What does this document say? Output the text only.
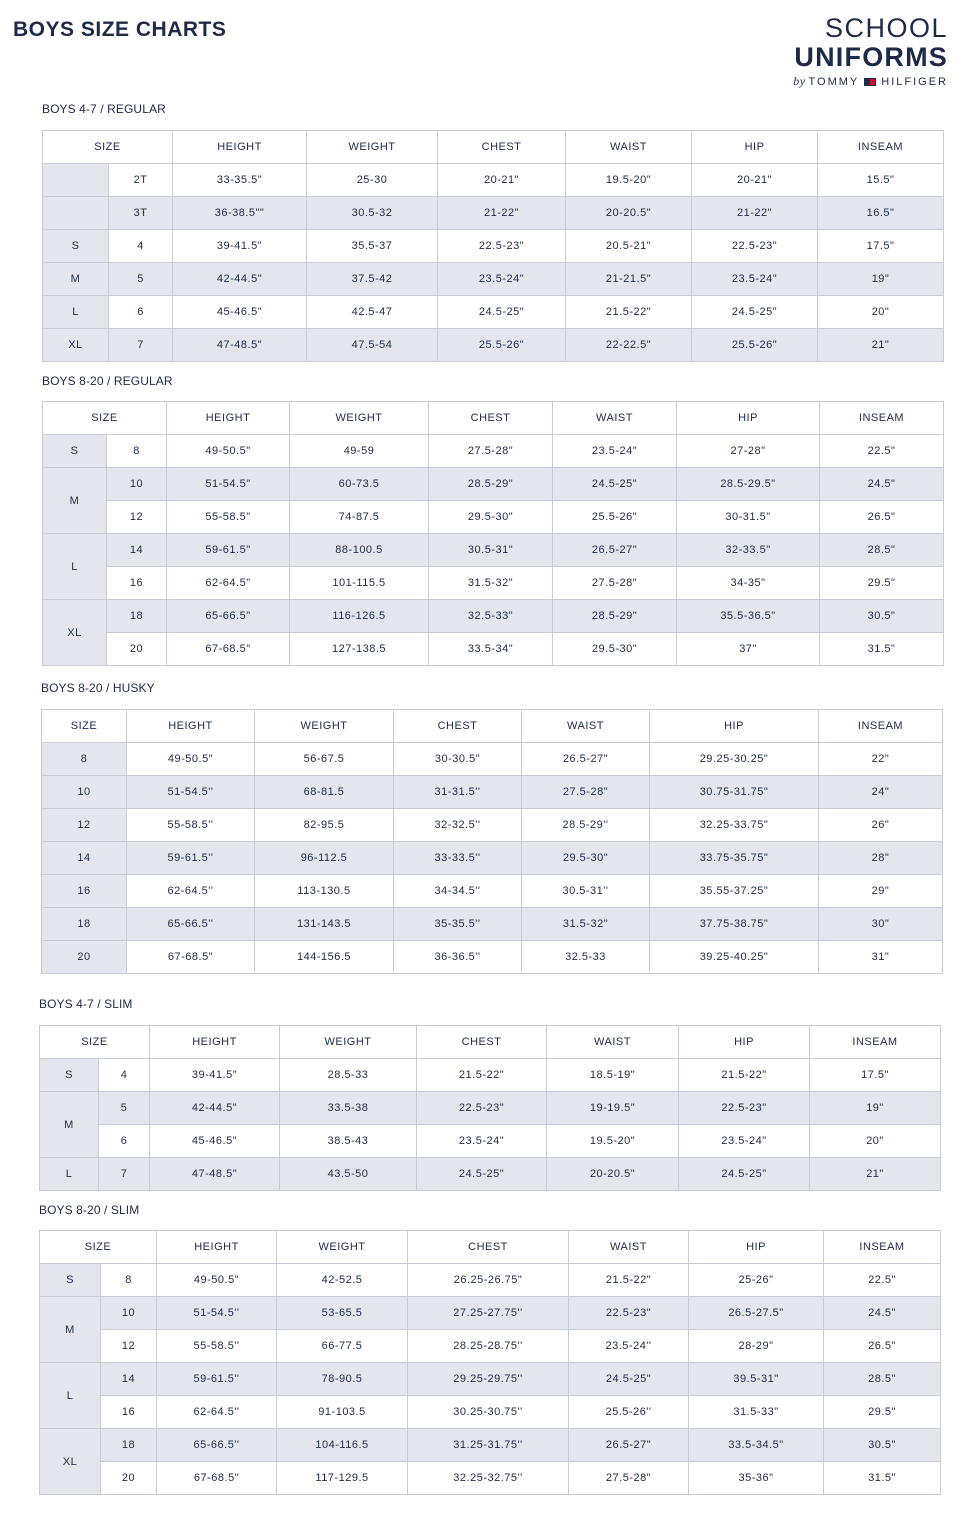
BOYS SIZE CHARTS	SCHOOL
UNIFORMS
by TOMMY HILFIGER
BOYS 4-7 / REGULAR
SIZE		HEIGHT	WEIGHT	CHEST	WAIST	HIP	INSEAM
	2T	33-35.5"	25-30	20-21"	19.5-20"	20-21"	15.5"
	3T	36-38.5""	30.5-32	21-22"	20-20.5"	21-22"	16.5"
S	4	39-41.5"	35.5-37	22.5-23"	20.5-21"	22.5-23"	17.5"
M	5	42-44.5"	37.5-42	23.5-24"	21-21.5"	23.5-24"	19"
L	6	45-46.5"	42.5-47	24.5-25"	21.5-22"	24.5-25"	20"
XL	7	47-48.5"	47.5-54	25.5-26"	22-22.5"	25.5-26"	21"
BOYS 8-20 / REGULAR
SIZE		HEIGHT	WEIGHT	CHEST	WAIST	HIP	INSEAM
S	8	49-50.5"	49-59	27.5-28"	23.5-24"	27-28"	22.5"
M	10	51-54.5"	60-73.5	28.5-29"	24.5-25"	28.5-29.5"	24.5"
	12	55-58.5"	74-87.5	29.5-30"	25.5-26"	30-31.5"	26.5"
L	14	59-61.5"	88-100.5	30.5-31"	26.5-27"	32-33.5"	28.5"
	16	62-64.5"	101-115.5	31.5-32"	27.5-28"	34-35"	29.5"
XL	18	65-66.5"	116-126.5	32.5-33"	28.5-29"	35.5-36.5"	30.5"
	20	67-68.5"	127-138.5	33.5-34"	29.5-30"	37"	31.5"
BOYS 8-20 / HUSKY
SIZE	HEIGHT	WEIGHT	CHEST	WAIST	HIP	INSEAM
8	49-50.5"	56-67.5	30-30.5"	26.5-27"	29.25-30.25"	22"
10	51-54.5''	68-81.5	31-31.5''	27.5-28"	30.75-31.75"	24"
12	55-58.5''	82-95.5	32-32.5''	28.5-29''	32.25-33.75"	26"
14	59-61.5''	96-112.5	33-33.5''	29.5-30"	33.75-35.75"	28"
16	62-64.5''	113-130.5	34-34.5''	30.5-31''	35.55-37.25"	29"
18	65-66.5''	131-143.5	35-35.5''	31.5-32"	37.75-38.75"	30"
20	67-68.5"	144-156.5	36-36.5''	32.5-33	39.25-40.25"	31"
BOYS 4-7 / SLIM
SIZE		HEIGHT	WEIGHT	CHEST	WAIST	HIP	INSEAM
S	4	39-41.5"	28.5-33	21.5-22"	18.5-19"	21.5-22"	17.5"
M	5	42-44.5"	33.5-38	22.5-23"	19-19.5"	22.5-23"	19"
	6	45-46.5"	38.5-43	23.5-24"	19.5-20"	23.5-24"	20"
L	7	47-48.5"	43.5-50	24.5-25"	20-20.5"	24.5-25"	21"
BOYS 8-20 / SLIM
SIZE		HEIGHT	WEIGHT	CHEST	WAIST	HIP	INSEAM
S	8	49-50.5"	42-52.5	26.25-26.75"	21.5-22"	25-26"	22.5"
M	10	51-54.5''	53-65.5	27.25-27.75''	22.5-23"	26.5-27.5"	24.5"
	12	55-58.5''	66-77.5	28.25-28.75''	23.5-24''	28-29"	26.5"
L	14	59-61.5''	78-90.5	29.25-29.75''	24.5-25"	39.5-31"	28.5"
	16	62-64.5''	91-103.5	30.25-30.75''	25.5-26''	31.5-33"	29.5"
XL	18	65-66.5''	104-116.5	31.25-31.75''	26.5-27"	33.5-34.5"	30.5"
	20	67-68.5"	117-129.5	32.25-32.75''	27.5-28"	35-36"	31.5"
